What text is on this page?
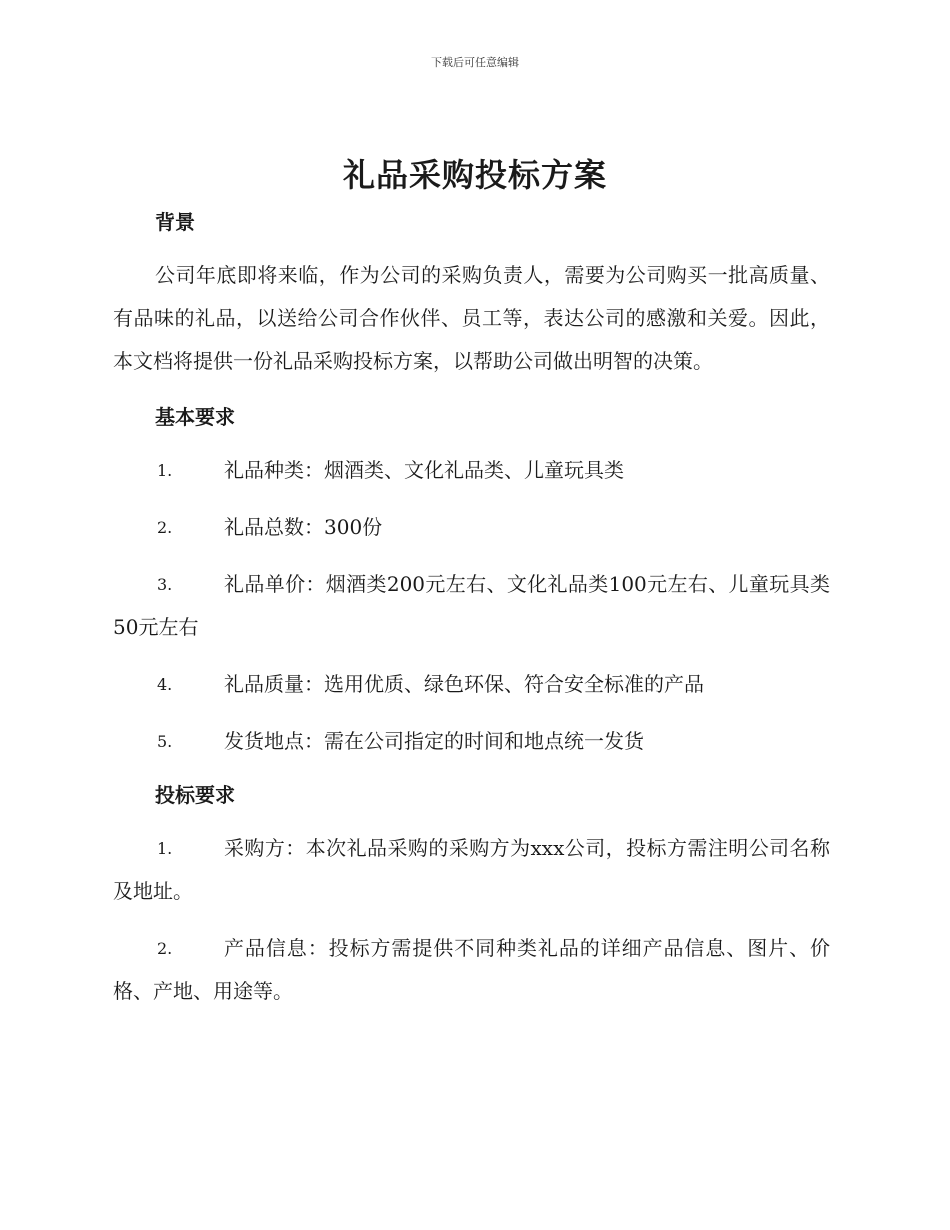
下载后可任意编辑
礼品采购投标方案
背景

公司年底即将来临，作为公司的采购负责人，需要为公司购买一批高质量、有品味的礼品，以送给公司合作伙伴、员工等，表达公司的感激和关爱。因此，本文档将提供一份礼品采购投标方案，以帮助公司做出明智的决策。

基本要求

1.	礼品种类：烟酒类、文化礼品类、儿童玩具类

2.	礼品总数：300份

3.	礼品单价：烟酒类200元左右、文化礼品类100元左右、儿童玩具类50元左右

4.	礼品质量：选用优质、绿色环保、符合安全标准的产品

5.	发货地点：需在公司指定的时间和地点统一发货

投标要求

1.	采购方：本次礼品采购的采购方为xxx公司，投标方需注明公司名称及地址。

2.	产品信息：投标方需提供不同种类礼品的详细产品信息、图片、价格、产地、用途等。
